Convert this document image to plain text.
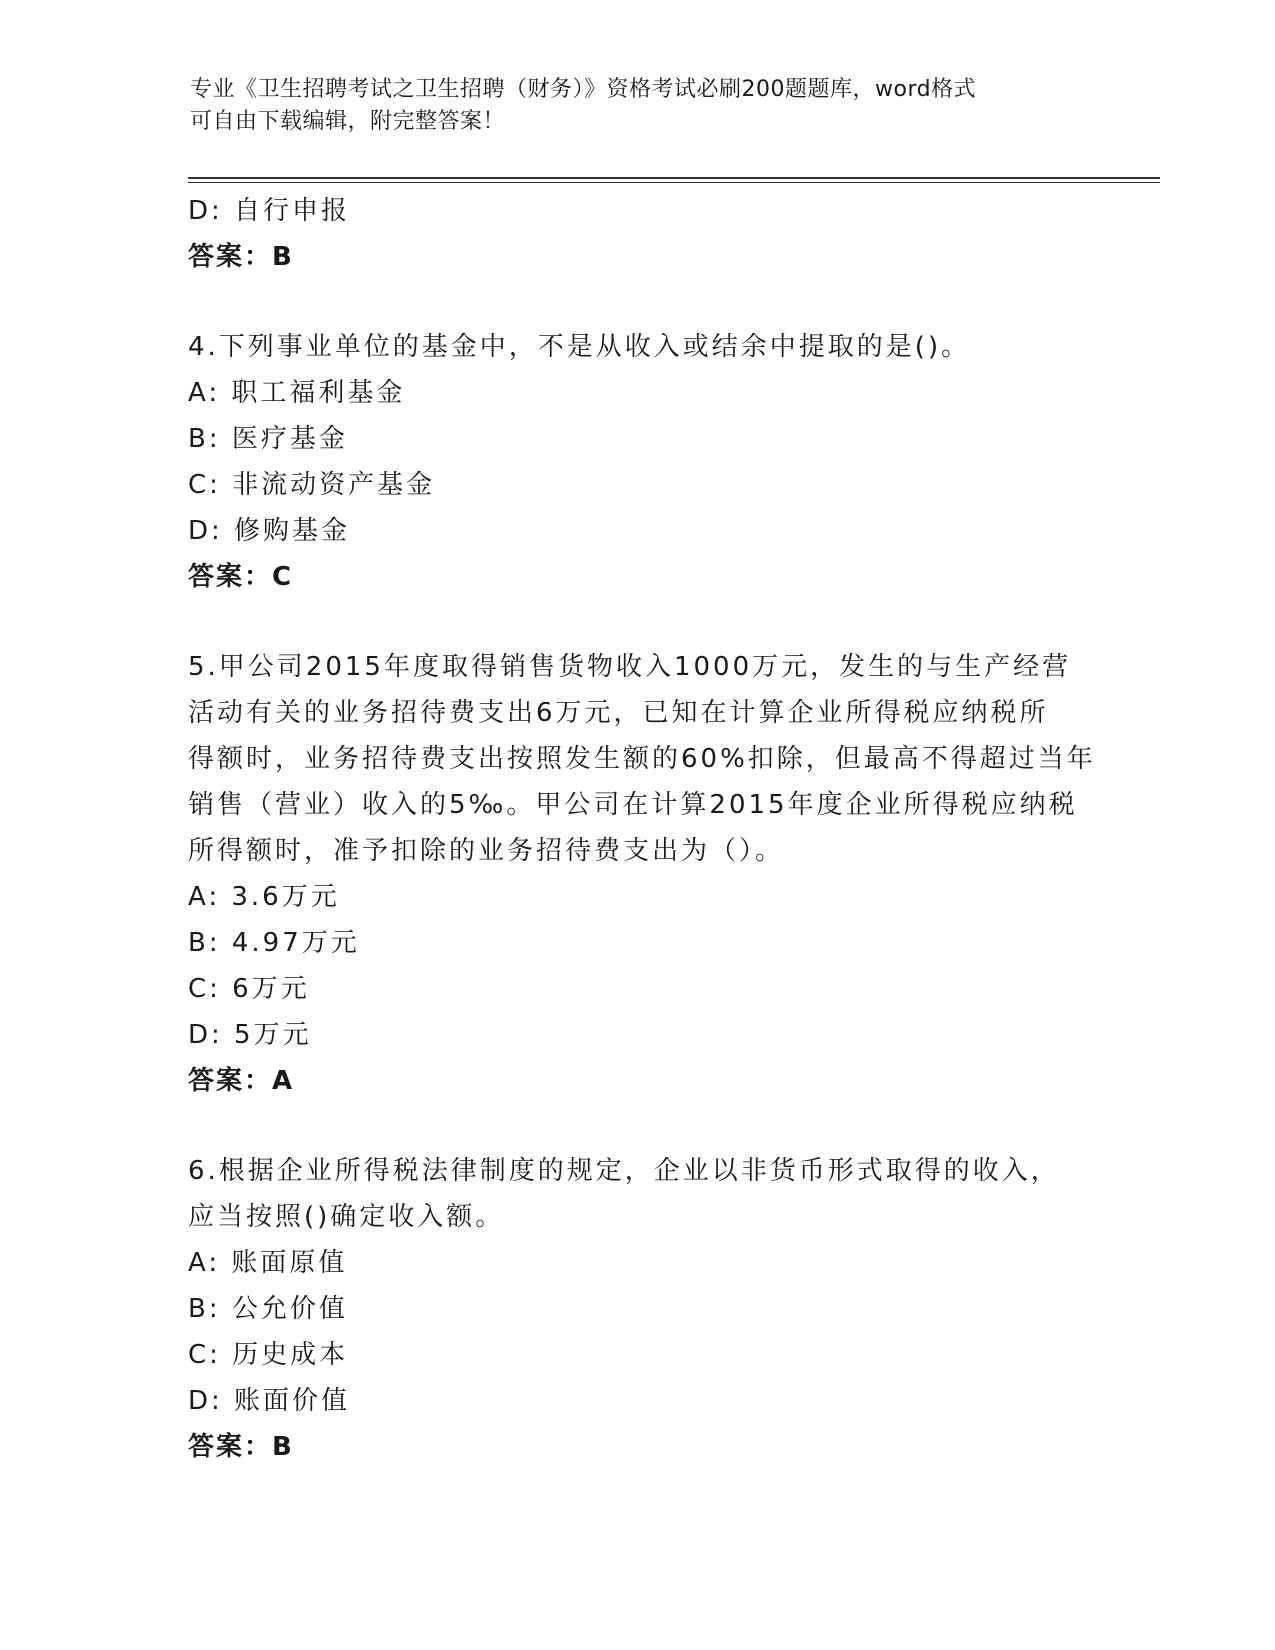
专业《卫生招聘考试之卫生招聘（财务）》资格考试必刷200题题库，word格式
可自由下载编辑，附完整答案！
D: 自行申报
答案：B
4.下列事业单位的基金中，不是从收入或结余中提取的是()。
A: 职工福利基金
B: 医疗基金
C: 非流动资产基金
D: 修购基金
答案：C
5.甲公司2015年度取得销售货物收入1000万元，发生的与生产经营
活动有关的业务招待费支出6万元，已知在计算企业所得税应纳税所
得额时，业务招待费支出按照发生额的60%扣除，但最高不得超过当年
销售（营业）收入的5‰。甲公司在计算2015年度企业所得税应纳税
所得额时，准予扣除的业务招待费支出为（）。
A: 3.6万元
B: 4.97万元
C: 6万元
D: 5万元
答案：A
6.根据企业所得税法律制度的规定，企业以非货币形式取得的收入，
应当按照()确定收入额。
A: 账面原值
B: 公允价值
C: 历史成本
D: 账面价值
答案：B
